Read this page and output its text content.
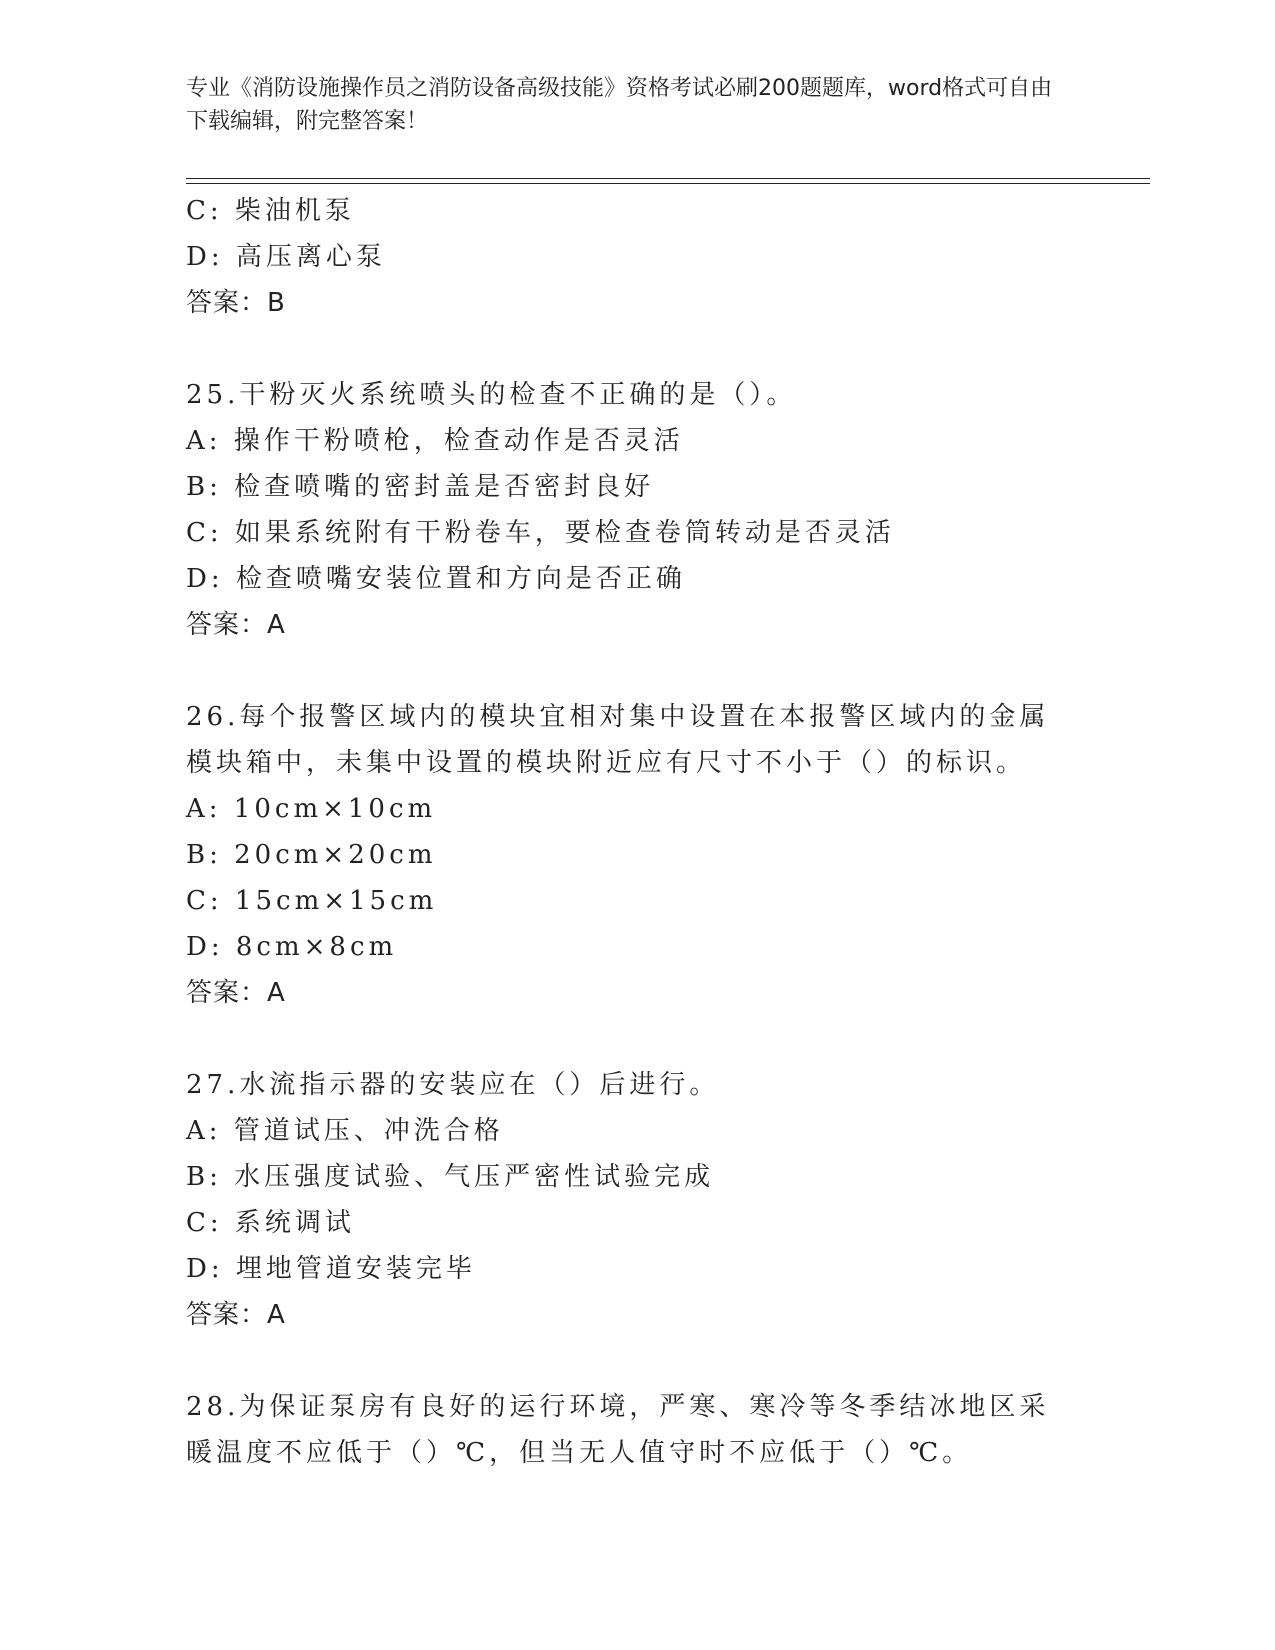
专业《消防设施操作员之消防设备高级技能》资格考试必刷200题题库，word格式可自由下载编辑，附完整答案！
C: 柴油机泵
D: 高压离心泵
答案：B
25.干粉灭火系统喷头的检查不正确的是（）。
A: 操作干粉喷枪，检查动作是否灵活
B: 检查喷嘴的密封盖是否密封良好
C: 如果系统附有干粉卷车，要检查卷筒转动是否灵活
D: 检查喷嘴安装位置和方向是否正确
答案：A
26.每个报警区域内的模块宜相对集中设置在本报警区域内的金属模块箱中，未集中设置的模块附近应有尺寸不小于（）的标识。
A: 10cm×10cm
B: 20cm×20cm
C: 15cm×15cm
D: 8cm×8cm
答案：A
27.水流指示器的安装应在（）后进行。
A: 管道试压、冲洗合格
B: 水压强度试验、气压严密性试验完成
C: 系统调试
D: 埋地管道安装完毕
答案：A
28.为保证泵房有良好的运行环境，严寒、寒冷等冬季结冰地区采暖温度不应低于（）℃，但当无人值守时不应低于（）℃。
